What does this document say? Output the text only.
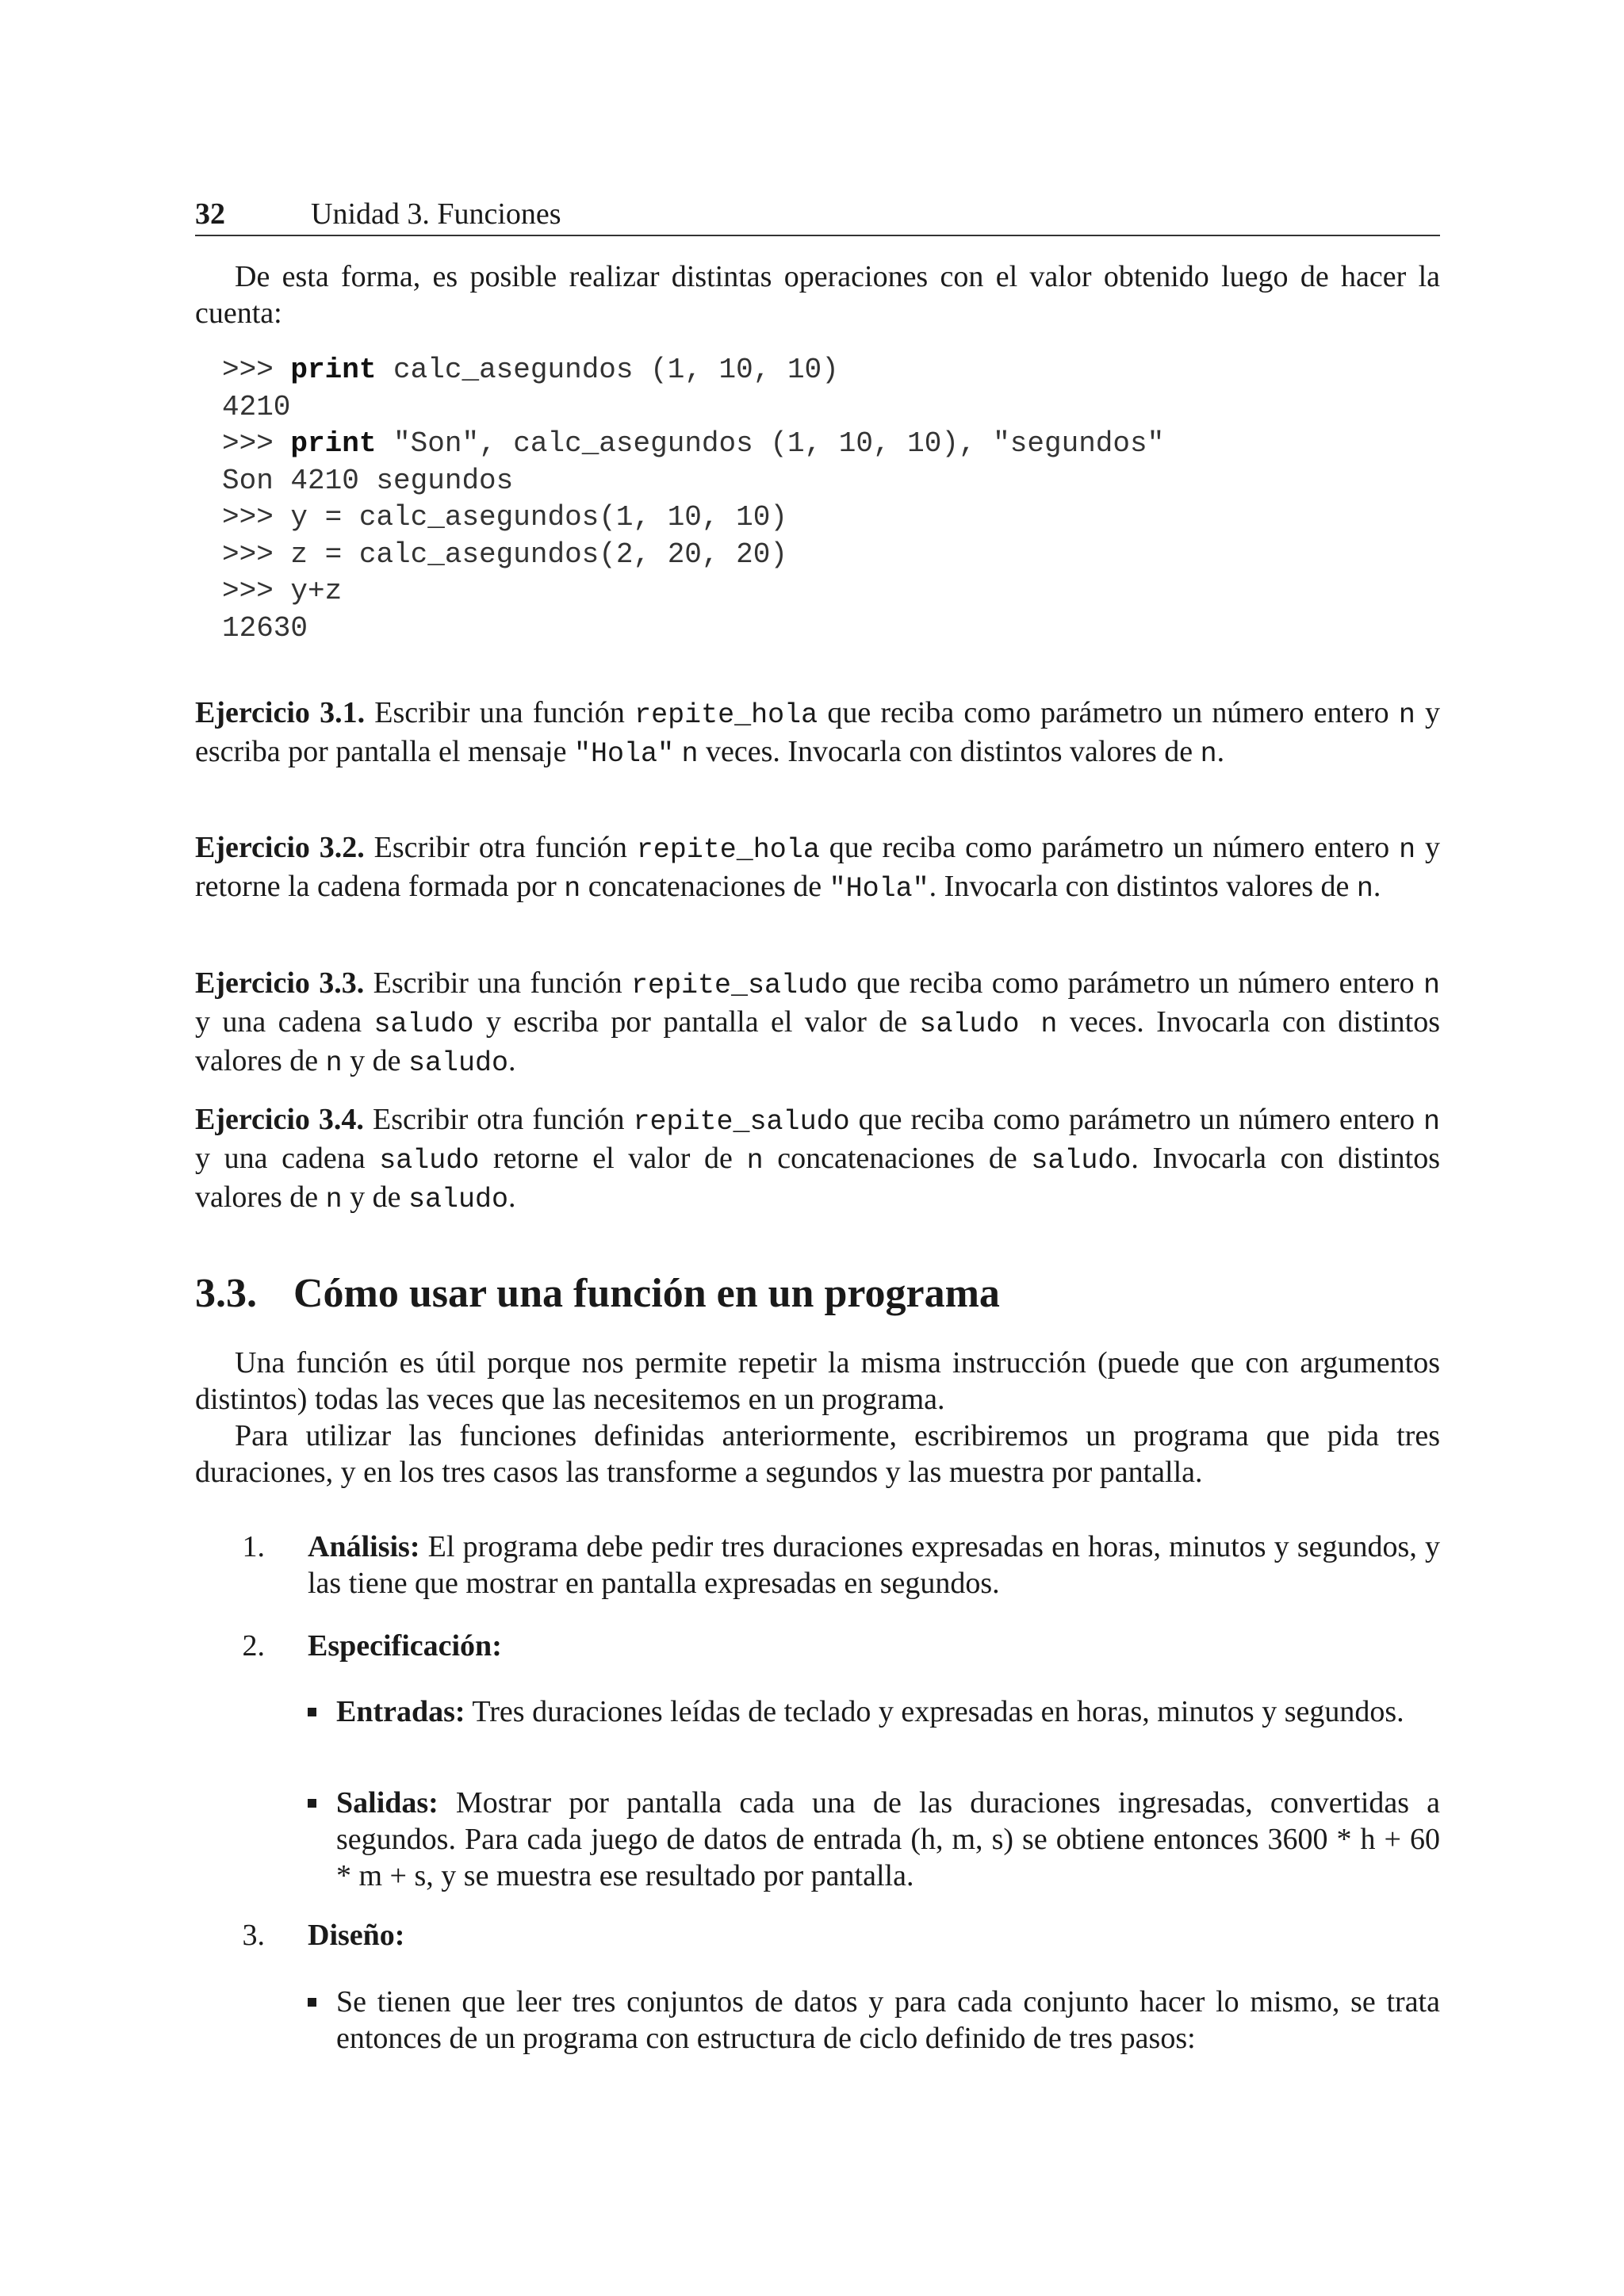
32	Unidad 3. Funciones

De esta forma, es posible realizar distintas operaciones con el valor obtenido luego de hacer la cuenta:

>>> print calc_asegundos (1, 10, 10)
4210
>>> print "Son", calc_asegundos (1, 10, 10), "segundos"
Son 4210 segundos
>>> y = calc_asegundos(1, 10, 10)
>>> z = calc_asegundos(2, 20, 20)
>>> y+z
12630

Ejercicio 3.1. Escribir una función repite_hola que reciba como parámetro un número entero n y escriba por pantalla el mensaje "Hola" n veces. Invocarla con distintos valores de n.

Ejercicio 3.2. Escribir otra función repite_hola que reciba como parámetro un número entero n y retorne la cadena formada por n concatenaciones de "Hola". Invocarla con distintos valores de n.

Ejercicio 3.3. Escribir una función repite_saludo que reciba como parámetro un número entero n y una cadena saludo y escriba por pantalla el valor de saludo n veces. Invocarla con distintos valores de n y de saludo.

Ejercicio 3.4. Escribir otra función repite_saludo que reciba como parámetro un número entero n y una cadena saludo retorne el valor de n concatenaciones de saludo. Invocarla con distintos valores de n y de saludo.

3.3. Cómo usar una función en un programa

Una función es útil porque nos permite repetir la misma instrucción (puede que con argumentos distintos) todas las veces que las necesitemos en un programa.

Para utilizar las funciones definidas anteriormente, escribiremos un programa que pida tres duraciones, y en los tres casos las transforme a segundos y las muestra por pantalla.

1. Análisis: El programa debe pedir tres duraciones expresadas en horas, minutos y segundos, y las tiene que mostrar en pantalla expresadas en segundos.
2. Especificación:
Entradas: Tres duraciones leídas de teclado y expresadas en horas, minutos y segundos.
Salidas: Mostrar por pantalla cada una de las duraciones ingresadas, convertidas a segundos. Para cada juego de datos de entrada (h, m, s) se obtiene entonces 3600 * h + 60 * m + s, y se muestra ese resultado por pantalla.
3. Diseño:
Se tienen que leer tres conjuntos de datos y para cada conjunto hacer lo mismo, se trata entonces de un programa con estructura de ciclo definido de tres pasos:
